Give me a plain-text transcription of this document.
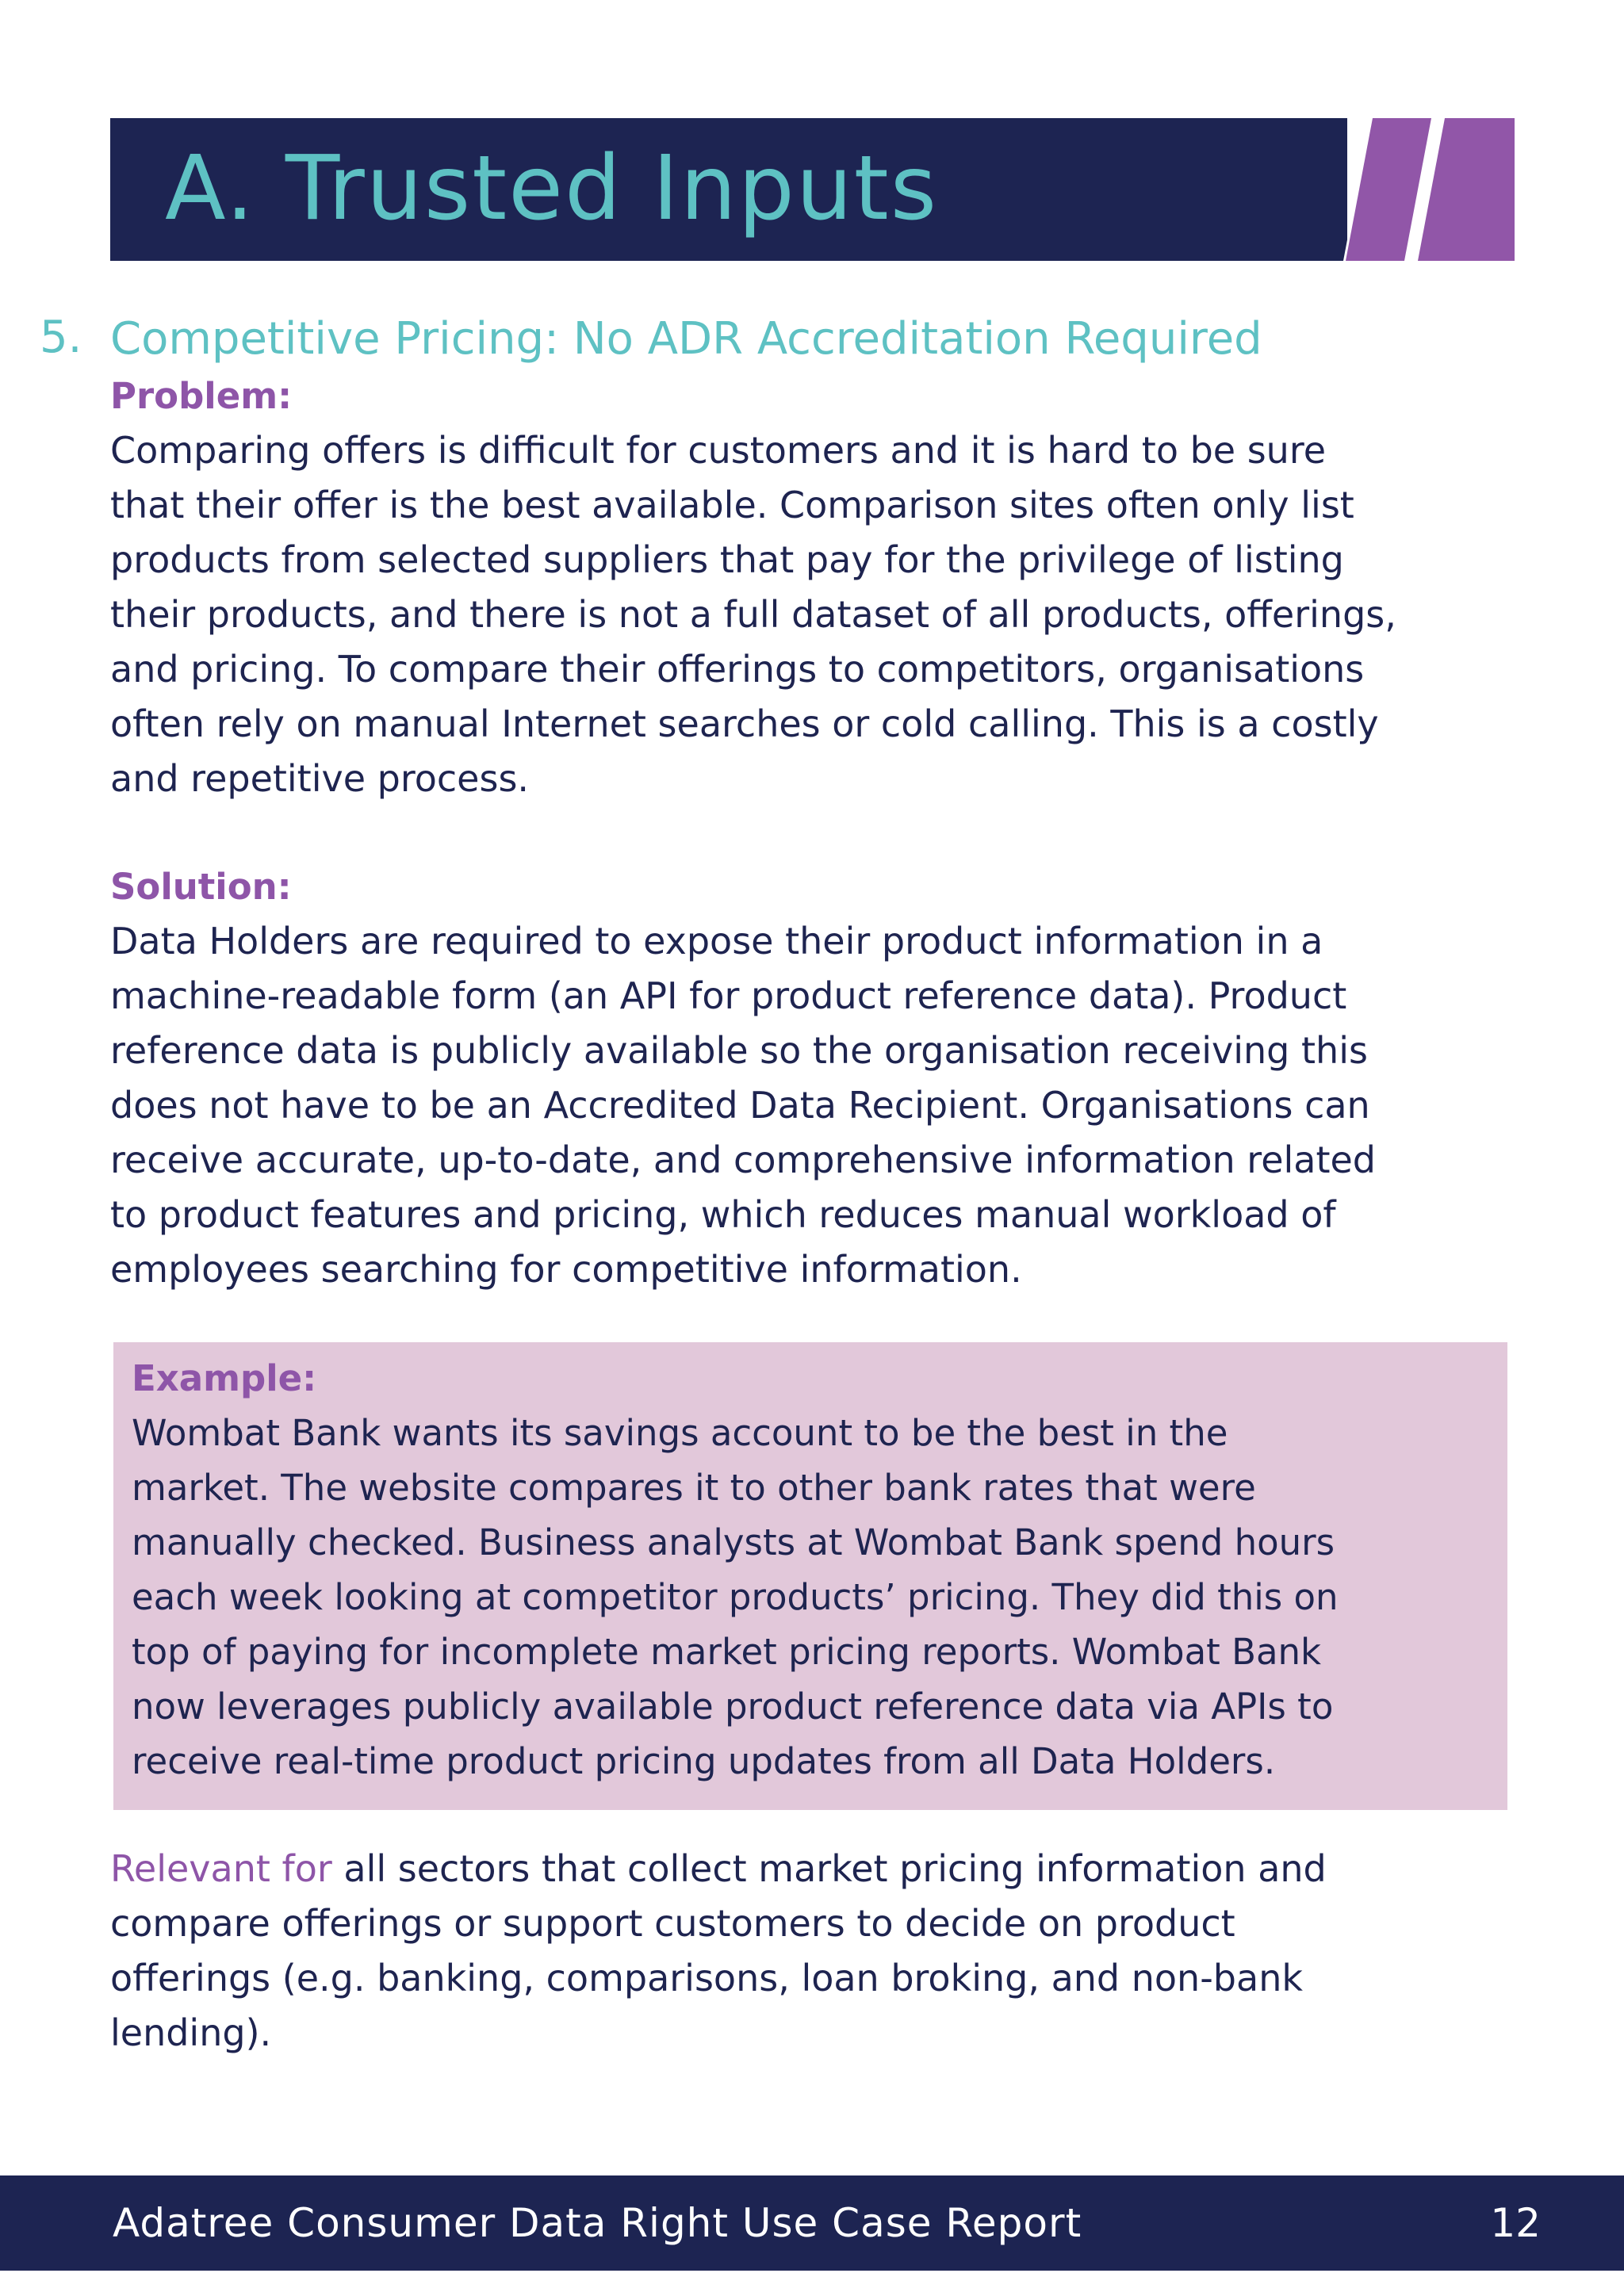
A. Trusted Inputs
5. Competitive Pricing: No ADR Accreditation Required
Problem:
Comparing offers is difficult for customers and it is hard to be sure
that their offer is the best available. Comparison sites often only list
products from selected suppliers that pay for the privilege of listing
their products, and there is not a full dataset of all products, offerings,
and pricing. To compare their offerings to competitors, organisations
often rely on manual Internet searches or cold calling. This is a costly
and repetitive process.
Solution:
Data Holders are required to expose their product information in a
machine-readable form (an API for product reference data). Product
reference data is publicly available so the organisation receiving this
does not have to be an Accredited Data Recipient. Organisations can
receive accurate, up-to-date, and comprehensive information related
to product features and pricing, which reduces manual workload of
employees searching for competitive information.
Example:
Wombat Bank wants its savings account to be the best in the
market. The website compares it to other bank rates that were
manually checked. Business analysts at Wombat Bank spend hours
each week looking at competitor products’ pricing. They did this on
top of paying for incomplete market pricing reports. Wombat Bank
now leverages publicly available product reference data via APIs to
receive real-time product pricing updates from all Data Holders.
Relevant for all sectors that collect market pricing information and
compare offerings or support customers to decide on product
offerings (e.g. banking, comparisons, loan broking, and non-bank
lending).
Adatree Consumer Data Right Use Case Report	12
